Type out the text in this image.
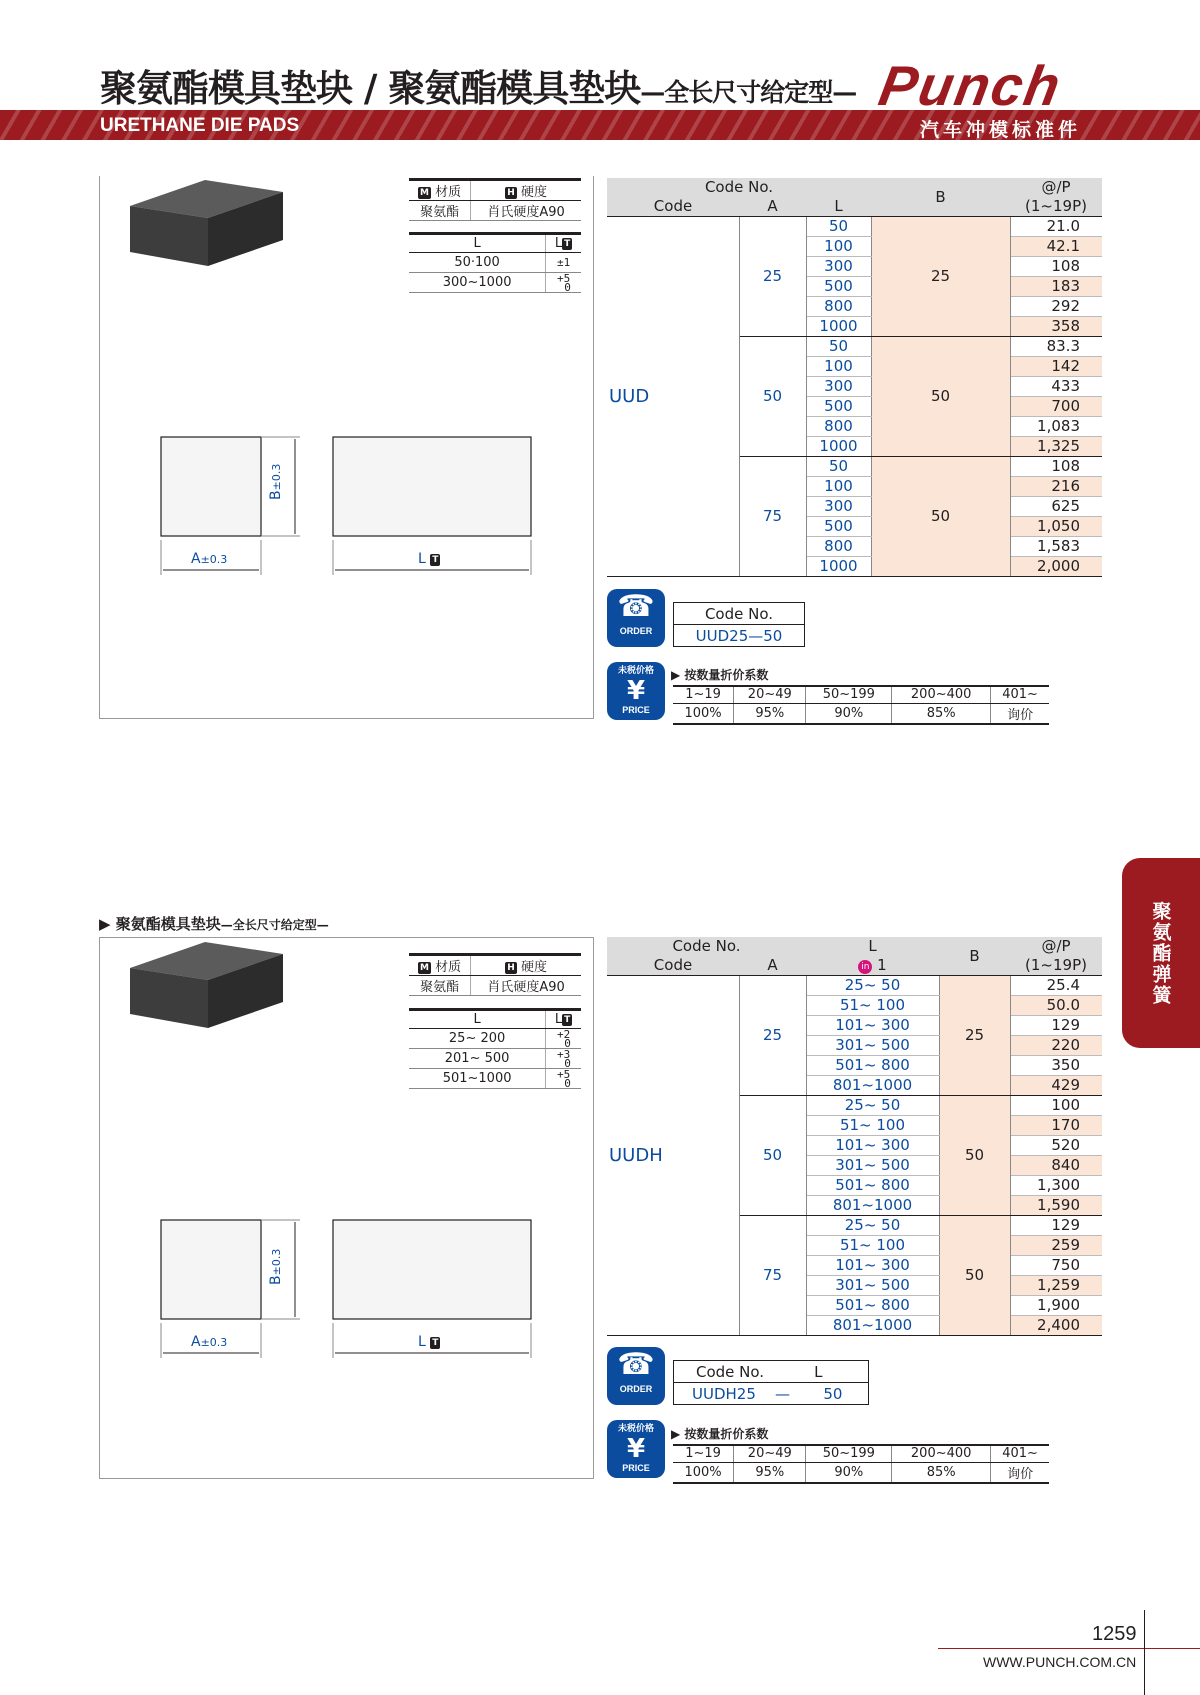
聚氨酯模具垫块 / 聚氨酯模具垫块—全长尺寸给定型—
URETHANE DIE PADS
Punch
汽车冲模标准件
M 材质	H 硬度
聚氨酯	肖氏硬度A90
L	L T
50·100	±1
300~1000	+5
0
B±0.3
A±0.3	L T
Code No.			B	@/P
Code	A	L		(1~19P)
UUD	25	50	25	21.0
		100		42.1
		300		108
		500		183
		800		292
		1000		358
	50	50	50	83.3
		100		142
		300		433
		500		700
		800		1,083
		1000		1,325
	75	50	50	108
		100		216
		300		625
		500		1,050
		800		1,583
		1000		2,000
☎
ORDER
Code No.
UUD25—50
未税价格
¥
PRICE
▶ 按数量折价系数
1~19	20~49	50~199	200~400	401~
100%	95%	90%	85%	询价
▶ 聚氨酯模具垫块—全长尺寸给定型—
M 材质	H 硬度
聚氨酯	肖氏硬度A90
L	L T
25~ 200	+2
0
201~ 500	+3
0
501~1000	+5
0
B±0.3
A±0.3	L T
Code No.		L	B	@/P
Code	A	in 1		(1~19P)
UUDH	25	25~ 50	25	25.4
		51~ 100		50.0
		101~ 300		129
		301~ 500		220
		501~ 800		350
		801~1000		429
	50	25~ 50	50	100
		51~ 100		170
		101~ 300		520
		301~ 500		840
		501~ 800		1,300
		801~1000		1,590
	75	25~ 50	50	129
		51~ 100		259
		101~ 300		750
		301~ 500		1,259
		501~ 800		1,900
		801~1000		2,400
☎
ORDER
Code No.	L
UUDH25 — 50
未税价格
¥
PRICE
▶ 按数量折价系数
1~19	20~49	50~199	200~400	401~
100%	95%	90%	85%	询价
聚氨酯弹簧
1259
WWW.PUNCH.COM.CN
